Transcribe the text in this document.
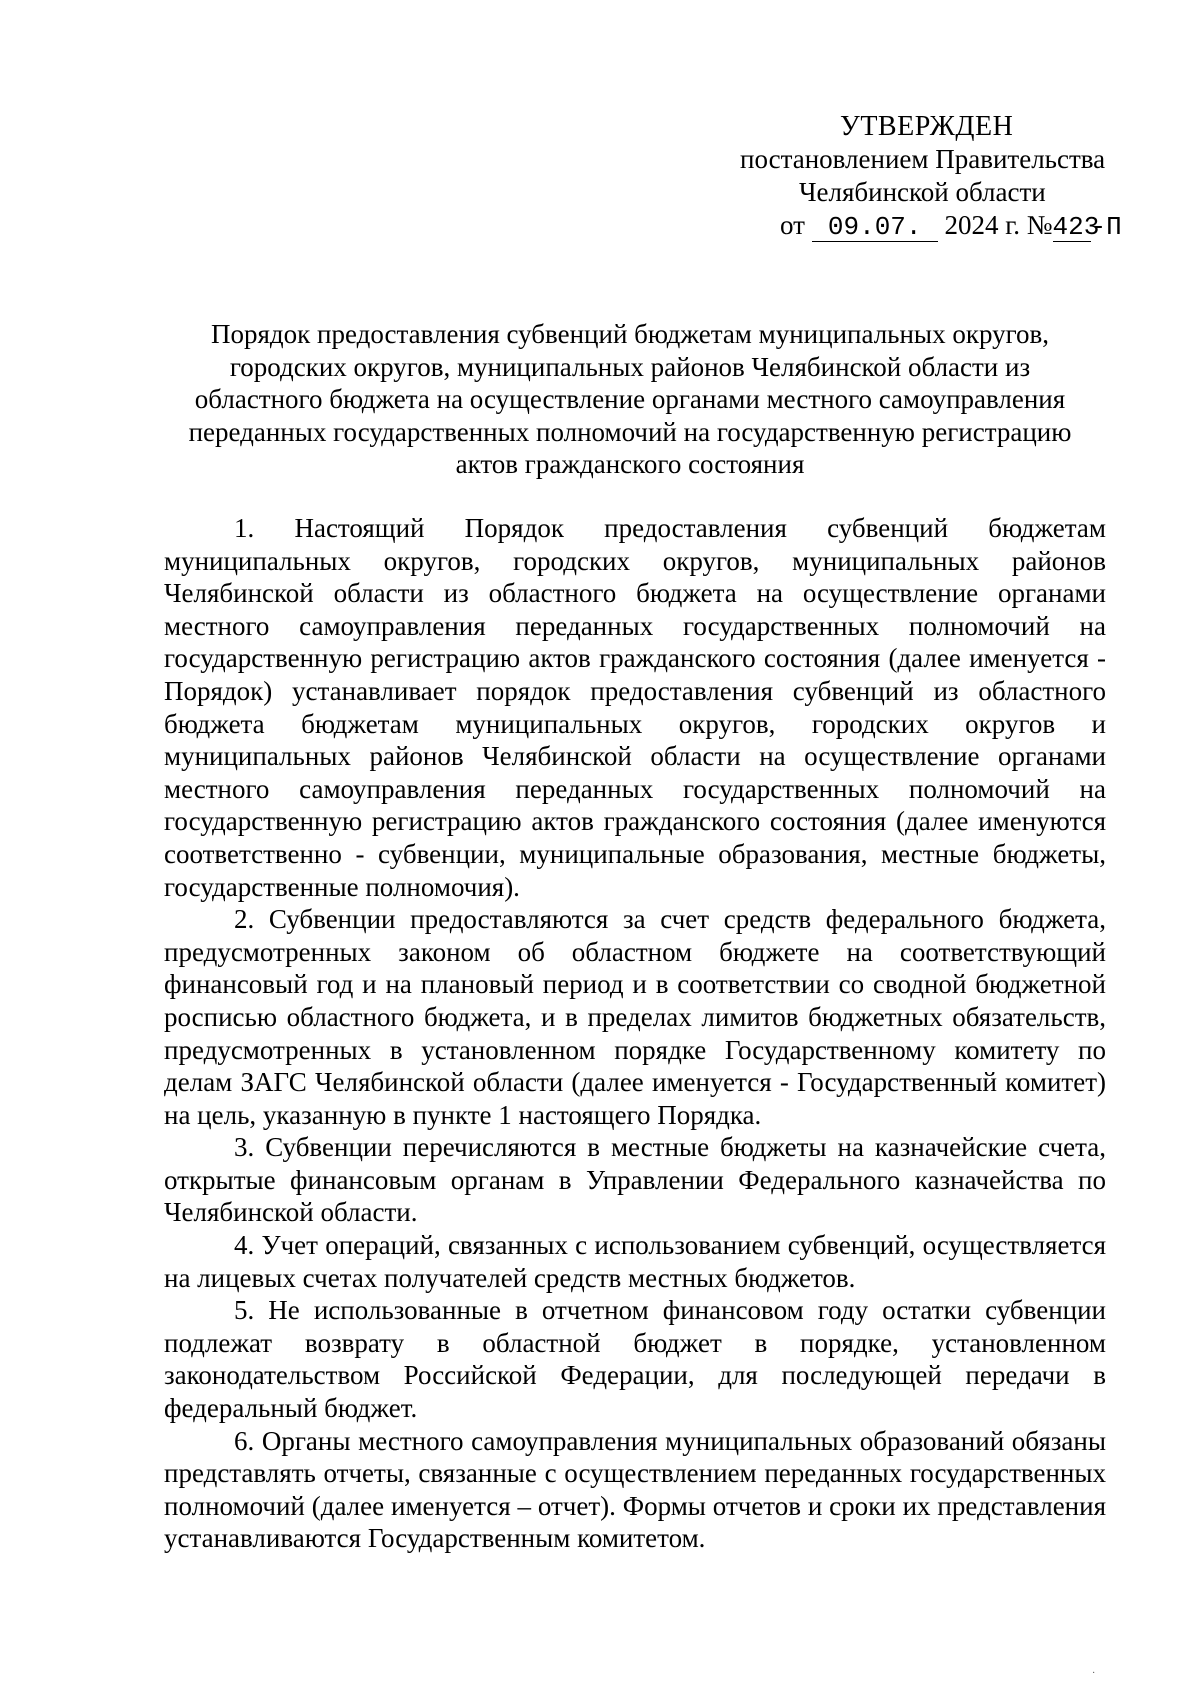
УТВЕРЖДЕН
постановлением Правительства
Челябинской области
от 09.07. 2024 г. №423-П
Порядок предоставления субвенций бюджетам муниципальных округов,
городских округов, муниципальных районов Челябинской области из
областного бюджета на осуществление органами местного самоуправления
переданных государственных полномочий на государственную регистрацию
актов гражданского состояния

1. Настоящий Порядок предоставления субвенций бюджетам муниципальных округов, городских округов, муниципальных районов Челябинской области из областного бюджета на осуществление органами местного самоуправления переданных государственных полномочий на государственную регистрацию актов гражданского состояния (далее именуется - Порядок) устанавливает порядок предоставления субвенций из областного бюджета бюджетам муниципальных округов, городских округов и муниципальных районов Челябинской области на осуществление органами местного самоуправления переданных государственных полномочий на государственную регистрацию актов гражданского состояния (далее именуются соответственно - субвенции, муниципальные образования, местные бюджеты, государственные полномочия).

2. Субвенции предоставляются за счет средств федерального бюджета, предусмотренных законом об областном бюджете на соответствующий финансовый год и на плановый период и в соответствии со сводной бюджетной росписью областного бюджета, и в пределах лимитов бюджетных обязательств, предусмотренных в установленном порядке Государственному комитету по делам ЗАГС Челябинской области (далее именуется - Государственный комитет) на цель, указанную в пункте 1 настоящего Порядка.

3. Субвенции перечисляются в местные бюджеты на казначейские счета, открытые финансовым органам в Управлении Федерального казначейства по Челябинской области.

4. Учет операций, связанных с использованием субвенций, осуществляется на лицевых счетах получателей средств местных бюджетов.

5. Не использованные в отчетном финансовом году остатки субвенции подлежат возврату в областной бюджет в порядке, установленном законодательством Российской Федерации, для последующей передачи в федеральный бюджет.

6. Органы местного самоуправления муниципальных образований обязаны представлять отчеты, связанные с осуществлением переданных государственных полномочий (далее именуется – отчет). Формы отчетов и сроки их представления устанавливаются Государственным комитетом.

·
